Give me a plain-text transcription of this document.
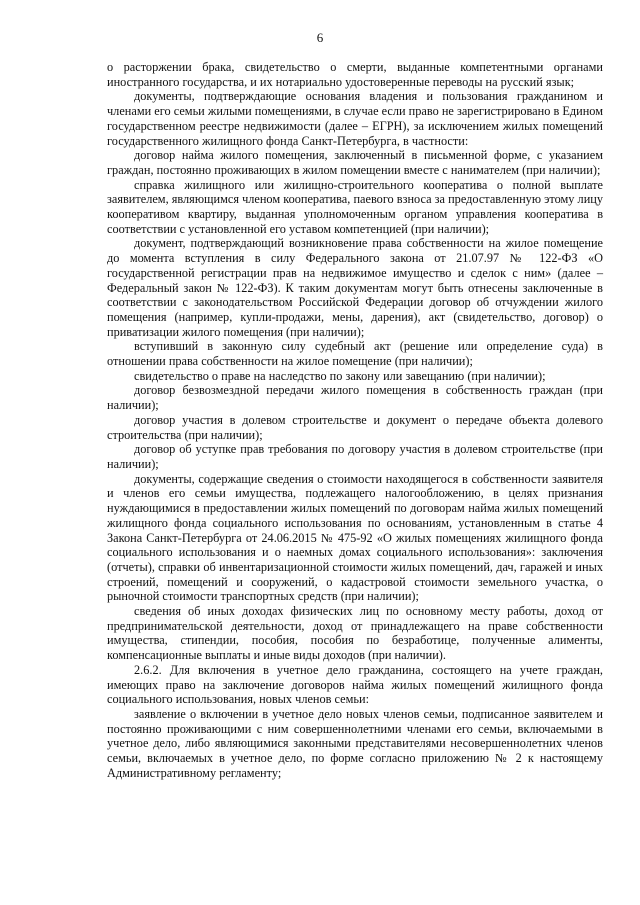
6

о расторжении брака, свидетельство о смерти, выданные компетентными органами иностранного государства, и их нотариально удостоверенные переводы на русский язык;

документы, подтверждающие основания владения и пользования гражданином и членами его семьи жилыми помещениями, в случае если право не зарегистрировано в Едином государственном реестре недвижимости (далее – ЕГРН), за исключением жилых помещений государственного жилищного фонда Санкт-Петербурга, в частности:

договор найма жилого помещения, заключенный в письменной форме, с указанием граждан, постоянно проживающих в жилом помещении вместе с нанимателем (при наличии);

справка жилищного или жилищно-строительного кооператива о полной выплате заявителем, являющимся членом кооператива, паевого взноса за предоставленную этому лицу кооперативом квартиру, выданная уполномоченным органом управления кооператива в соответствии с установленной его уставом компетенцией (при наличии);

документ, подтверждающий возникновение права собственности на жилое помещение до момента вступления в силу Федерального закона от 21.07.97 № 122-ФЗ «О государственной регистрации прав на недвижимое имущество и сделок с ним» (далее – Федеральный закон № 122-ФЗ). К таким документам могут быть отнесены заключенные в соответствии с законодательством Российской Федерации договор об отчуждении жилого помещения (например, купли-продажи, мены, дарения), акт (свидетельство, договор) о приватизации жилого помещения (при наличии);

вступивший в законную силу судебный акт (решение или определение суда) в отношении права собственности на жилое помещение (при наличии);

свидетельство о праве на наследство по закону или завещанию (при наличии);

договор безвозмездной передачи жилого помещения в собственность граждан (при наличии);

договор участия в долевом строительстве и документ о передаче объекта долевого строительства (при наличии);

договор об уступке прав требования по договору участия в долевом строительстве (при наличии);

документы, содержащие сведения о стоимости находящегося в собственности заявителя и членов его семьи имущества, подлежащего налогообложению, в целях признания нуждающимися в предоставлении жилых помещений по договорам найма жилых помещений жилищного фонда социального использования по основаниям, установленным в статье 4 Закона Санкт-Петербурга от 24.06.2015 № 475-92 «О жилых помещениях жилищного фонда социального использования и о наемных домах социального использования»: заключения (отчеты), справки об инвентаризационной стоимости жилых помещений, дач, гаражей и иных строений, помещений и сооружений, о кадастровой стоимости земельного участка, о рыночной стоимости транспортных средств (при наличии);

сведения об иных доходах физических лиц по основному месту работы, доход от предпринимательской деятельности, доход от принадлежащего на праве собственности имущества, стипендии, пособия, пособия по безработице, полученные алименты, компенсационные выплаты и иные виды доходов (при наличии).

2.6.2. Для включения в учетное дело гражданина, состоящего на учете граждан, имеющих право на заключение договоров найма жилых помещений жилищного фонда социального использования, новых членов семьи:

заявление о включении в учетное дело новых членов семьи, подписанное заявителем и постоянно проживающими с ним совершеннолетними членами его семьи, включаемыми в учетное дело, либо являющимися законными представителями несовершеннолетних членов семьи, включаемых в учетное дело, по форме согласно приложению № 2 к настоящему Административному регламенту;
